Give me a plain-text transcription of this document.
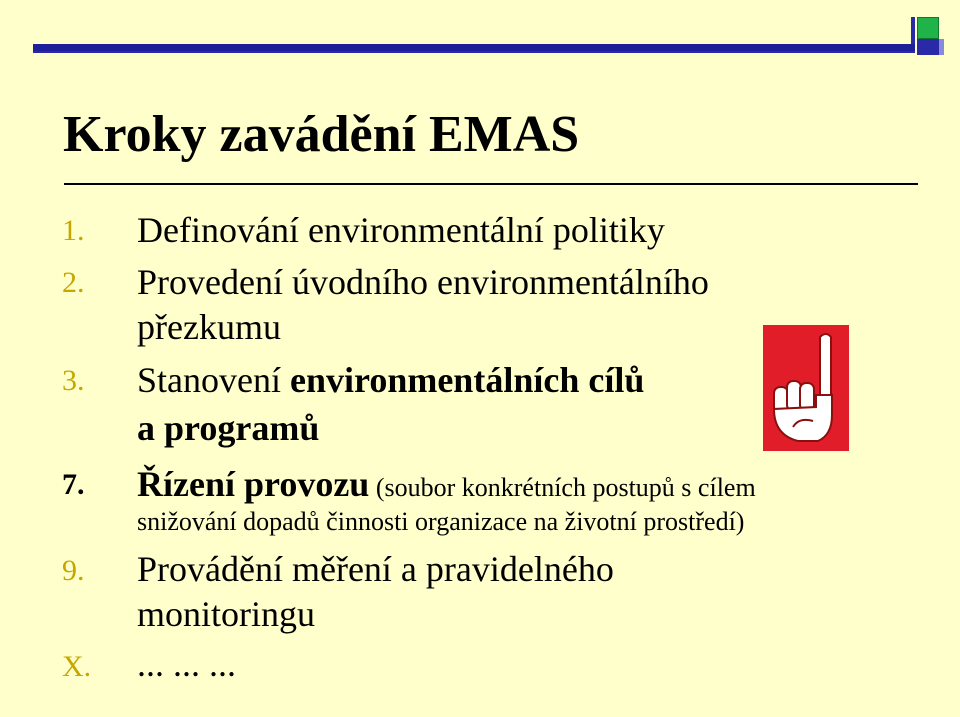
Kroky zavádění EMAS
1. Definování environmentální politiky
2. Provedení úvodního environmentálního
přezkumu
3. Stanovení environmentálních cílů
a programů
7. Řízení provozu (soubor konkrétních postupů s cílem
snižování dopadů činnosti organizace na životní prostředí)
9. Provádění měření a pravidelného
monitoringu
X. ... ... ...
